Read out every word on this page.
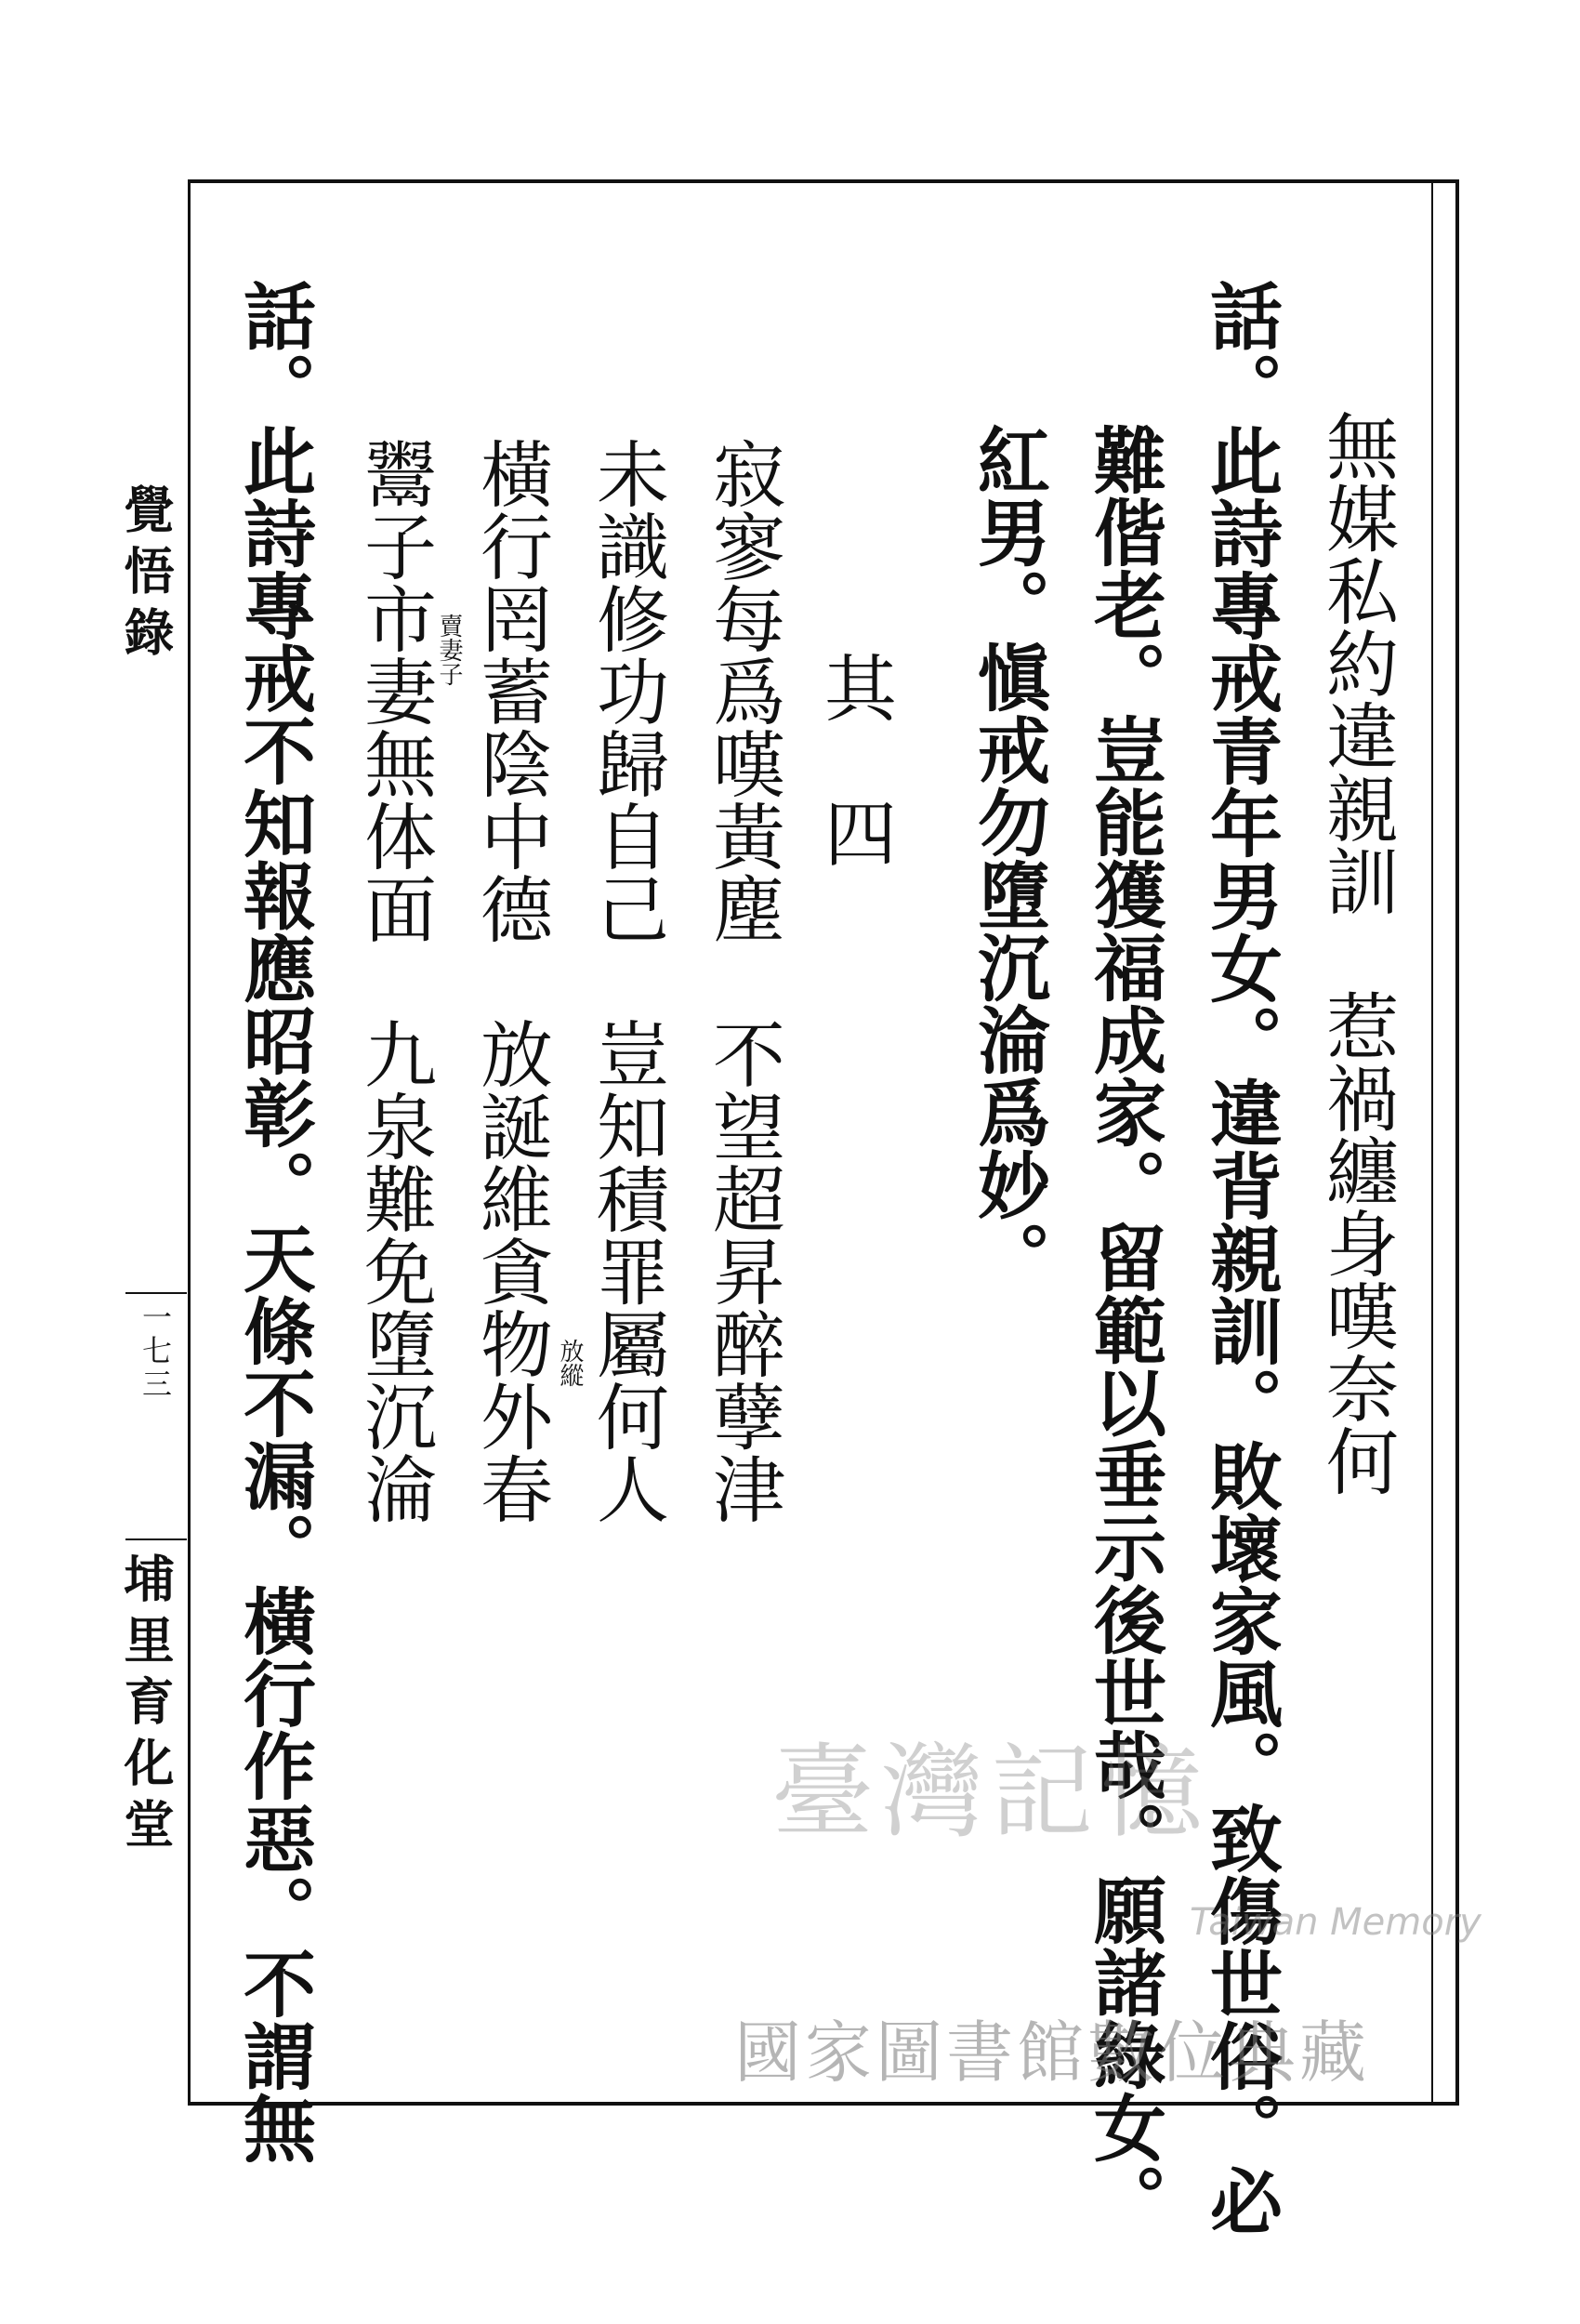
覺悟錄
一七三
埔里育化堂
無媒私約違親訓　惹禍纏身嘆奈何
話。此詩專戒青年男女。違背親訓。敗壞家風。致傷世俗。必
難偕老。豈能獲福成家。留範以垂示後世哉。願諸綠女。
紅男。愼戒勿墮沉淪爲妙。
其　四
寂寥每爲嘆黃塵　不望超昇醉孽津
未識修功歸自己　豈知積罪屬何人
橫行罔蓄陰中德　放誕維貪物外春
鬻子市妻無体面　九泉難免墮沉淪
話。此詩專戒不知報應昭彰。天條不漏。橫行作惡。不謂無	放縱
賣妻子
臺灣記憶
Taiwan Memory
國家圖書館數位典藏
